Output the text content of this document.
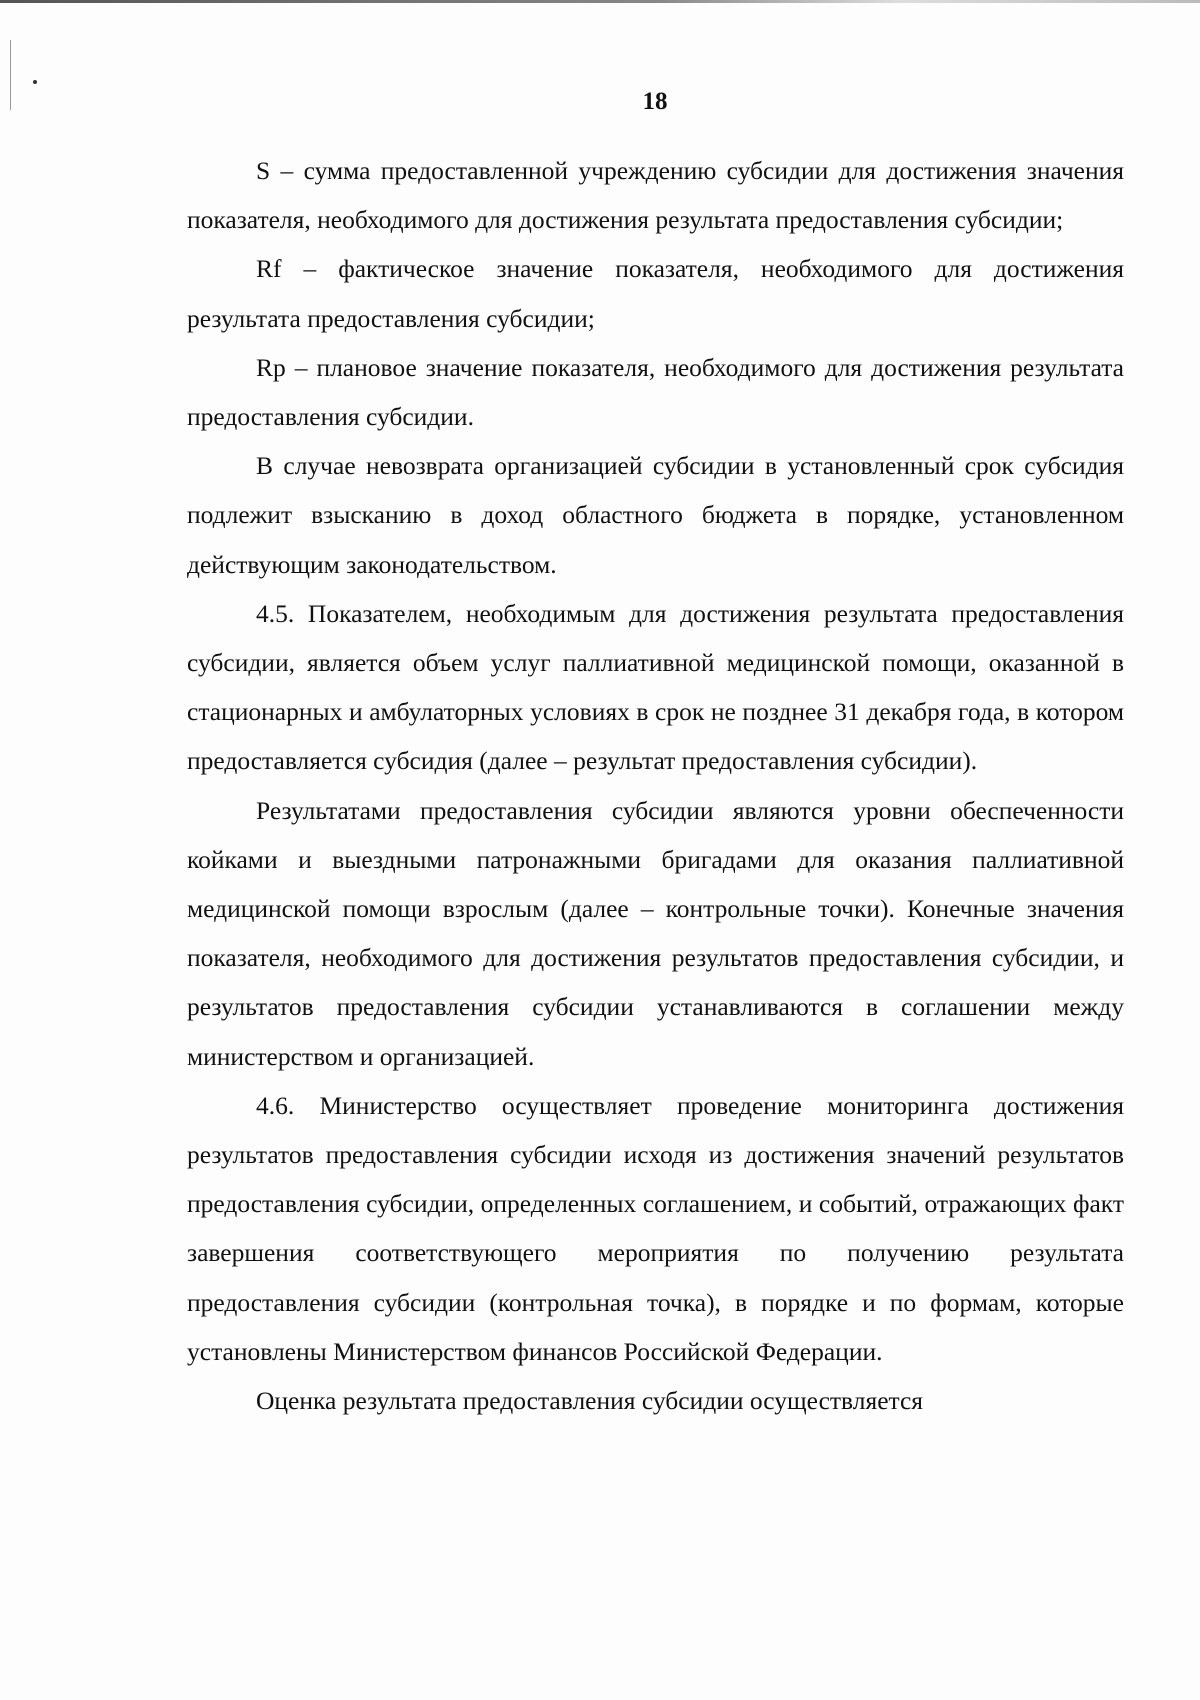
18

S – сумма предоставленной учреждению субсидии для достижения значения показателя, необходимого для достижения результата предоставления субсидии;

Rf – фактическое значение показателя, необходимого для достижения результата предоставления субсидии;

Rp – плановое значение показателя, необходимого для достижения результата предоставления субсидии.

В случае невозврата организацией субсидии в установленный срок субсидия подлежит взысканию в доход областного бюджета в порядке, установленном действующим законодательством.

4.5. Показателем, необходимым для достижения результата предоставления субсидии, является объем услуг паллиативной медицинской помощи, оказанной в стационарных и амбулаторных условиях в срок не позднее 31 декабря года, в котором предоставляется субсидия (далее – результат предоставления субсидии).

Результатами предоставления субсидии являются уровни обеспеченности койками и выездными патронажными бригадами для оказания паллиативной медицинской помощи взрослым (далее – контрольные точки). Конечные значения показателя, необходимого для достижения результатов предоставления субсидии, и результатов предоставления субсидии устанавливаются в соглашении между министерством и организацией.

4.6. Министерство осуществляет проведение мониторинга достижения результатов предоставления субсидии исходя из достижения значений результатов предоставления субсидии, определенных соглашением, и событий, отражающих факт завершения соответствующего мероприятия по получению результата предоставления субсидии (контрольная точка), в порядке и по формам, которые установлены Министерством финансов Российской Федерации.

Оценка результата предоставления субсидии осуществляется
